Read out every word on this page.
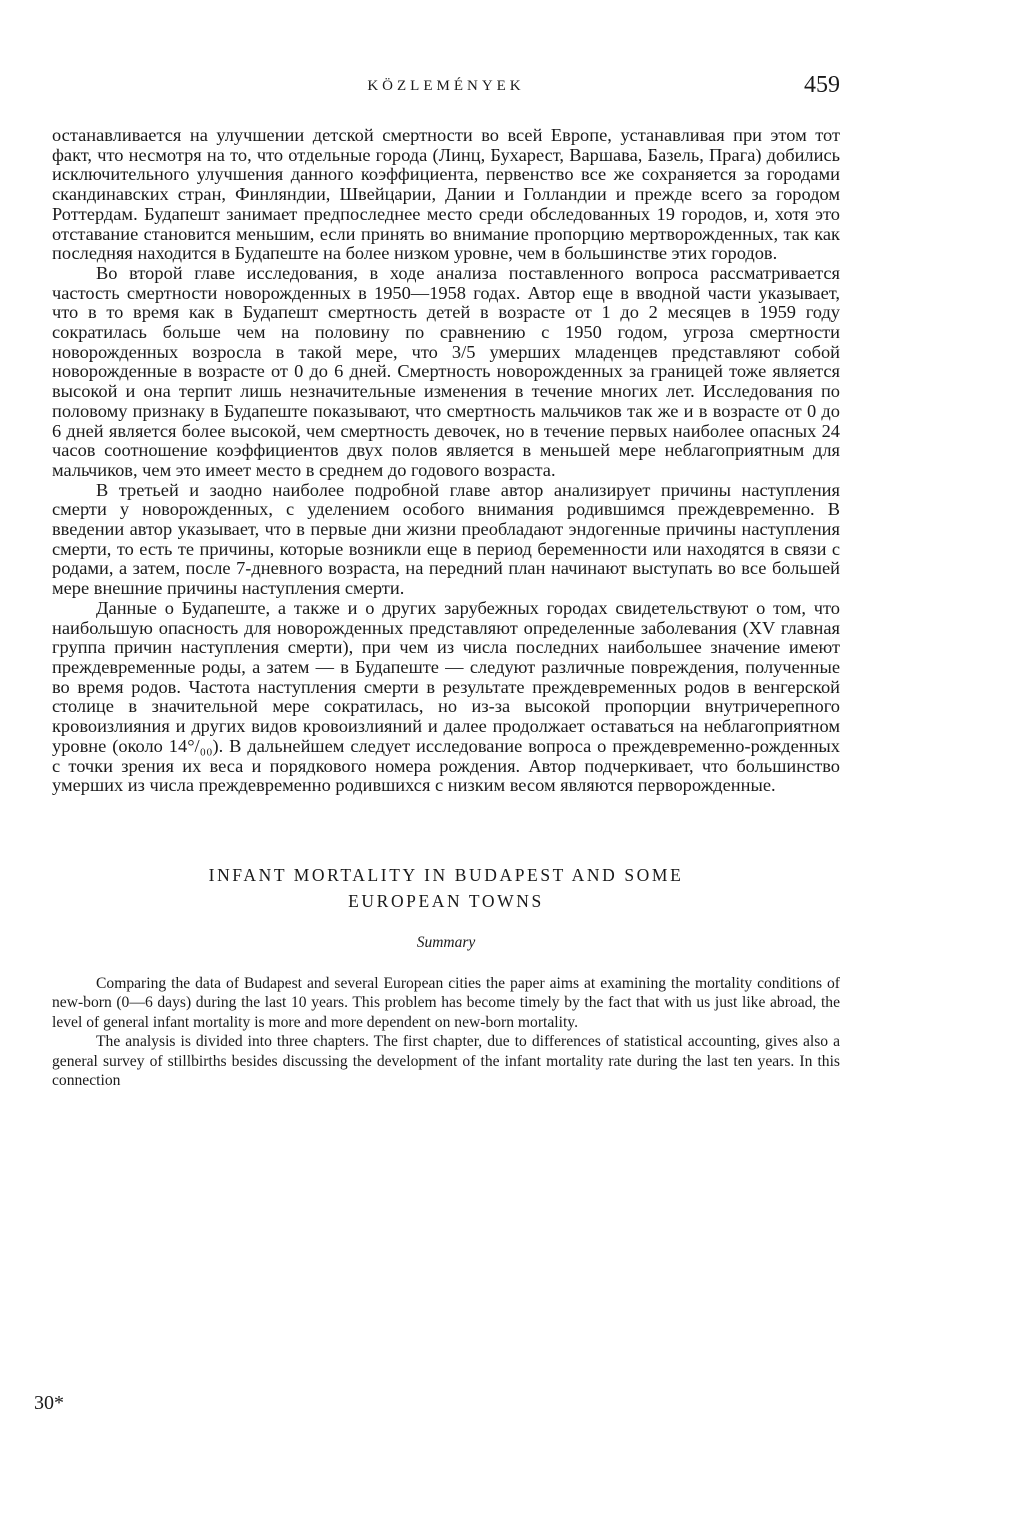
KÖZLEMÉNYEK	459

останавливается на улучшении детской смертности во всей Европе, устанавливая при этом тот факт, что несмотря на то, что отдельные города (Линц, Бухарест, Варшава, Базель, Прага) добились исключительного улучшения данного коэффициента, первенство все же сохраняется за городами скандинавских стран, Финляндии, Швейцарии, Дании и Голландии и прежде всего за городом Роттердам. Будапешт занимает предпоследнее место среди обследованных 19 городов, и, хотя это отставание становится меньшим, если принять во внимание пропорцию мертворожденных, так как последняя находится в Будапеште на более низком уровне, чем в большинстве этих городов.

Во второй главе исследования, в ходе анализа поставленного вопроса рассматривается частость смертности новорожденных в 1950—1958 годах. Автор еще в вводной части указывает, что в то время как в Будапешт смертность детей в возрасте от 1 до 2 месяцев в 1959 году сократилась больше чем на половину по сравнению с 1950 годом, угроза смертности новорожденных возросла в такой мере, что 3/5 умерших младенцев представляют собой новорожденные в возрасте от 0 до 6 дней. Смертность новорожденных за границей тоже является высокой и она терпит лишь незначительные изменения в течение многих лет. Исследования по половому признаку в Будапеште показывают, что смертность мальчиков так же и в возрасте от 0 до 6 дней является более высокой, чем смертность девочек, но в течение первых наиболее опасных 24 часов соотношение коэффициентов двух полов является в меньшей мере неблагоприятным для мальчиков, чем это имеет место в среднем до годового возраста.

В третьей и заодно наиболее подробной главе автор анализирует причины наступления смерти у новорожденных, с уделением особого внимания родившимся преждевременно. В введении автор указывает, что в первые дни жизни преобладают эндогенные причины наступления смерти, то есть те причины, которые возникли еще в период беременности или находятся в связи с родами, а затем, после 7-дневного возраста, на передний план начинают выступать во все большей мере внешние причины наступления смерти.

Данные о Будапеште, а также и о других зарубежных городах свидетельствуют о том, что наибольшую опасность для новорожденных представляют определенные заболевания (XV главная группа причин наступления смерти), при чем из числа последних наибольшее значение имеют преждевременные роды, а затем — в Будапеште — следуют различные повреждения, полученные во время родов. Частота наступления смерти в результате преждевременных родов в венгерской столице в значительной мере сократилась, но из-за высокой пропорции внутричерепного кровоизлияния и других видов кровоизлияний и далее продолжает оставаться на неблагоприятном уровне (около 14°/₀₀). В дальнейшем следует исследование вопроса о преждевременно-рожденных с точки зрения их веса и порядкового номера рождения. Автор подчеркивает, что большинство умерших из числа преждевременно родившихся с низким весом являются перворожденные.

INFANT MORTALITY IN BUDAPEST AND SOME
EUROPEAN TOWNS
Summary

Comparing the data of Budapest and several European cities the paper aims at examining the mortality conditions of new-born (0—6 days) during the last 10 years. This problem has become timely by the fact that with us just like abroad, the level of general infant mortality is more and more dependent on new-born mortality.

The analysis is divided into three chapters. The first chapter, due to differences of statistical accounting, gives also a general survey of stillbirths besides discussing the development of the infant mortality rate during the last ten years. In this connection

30*
